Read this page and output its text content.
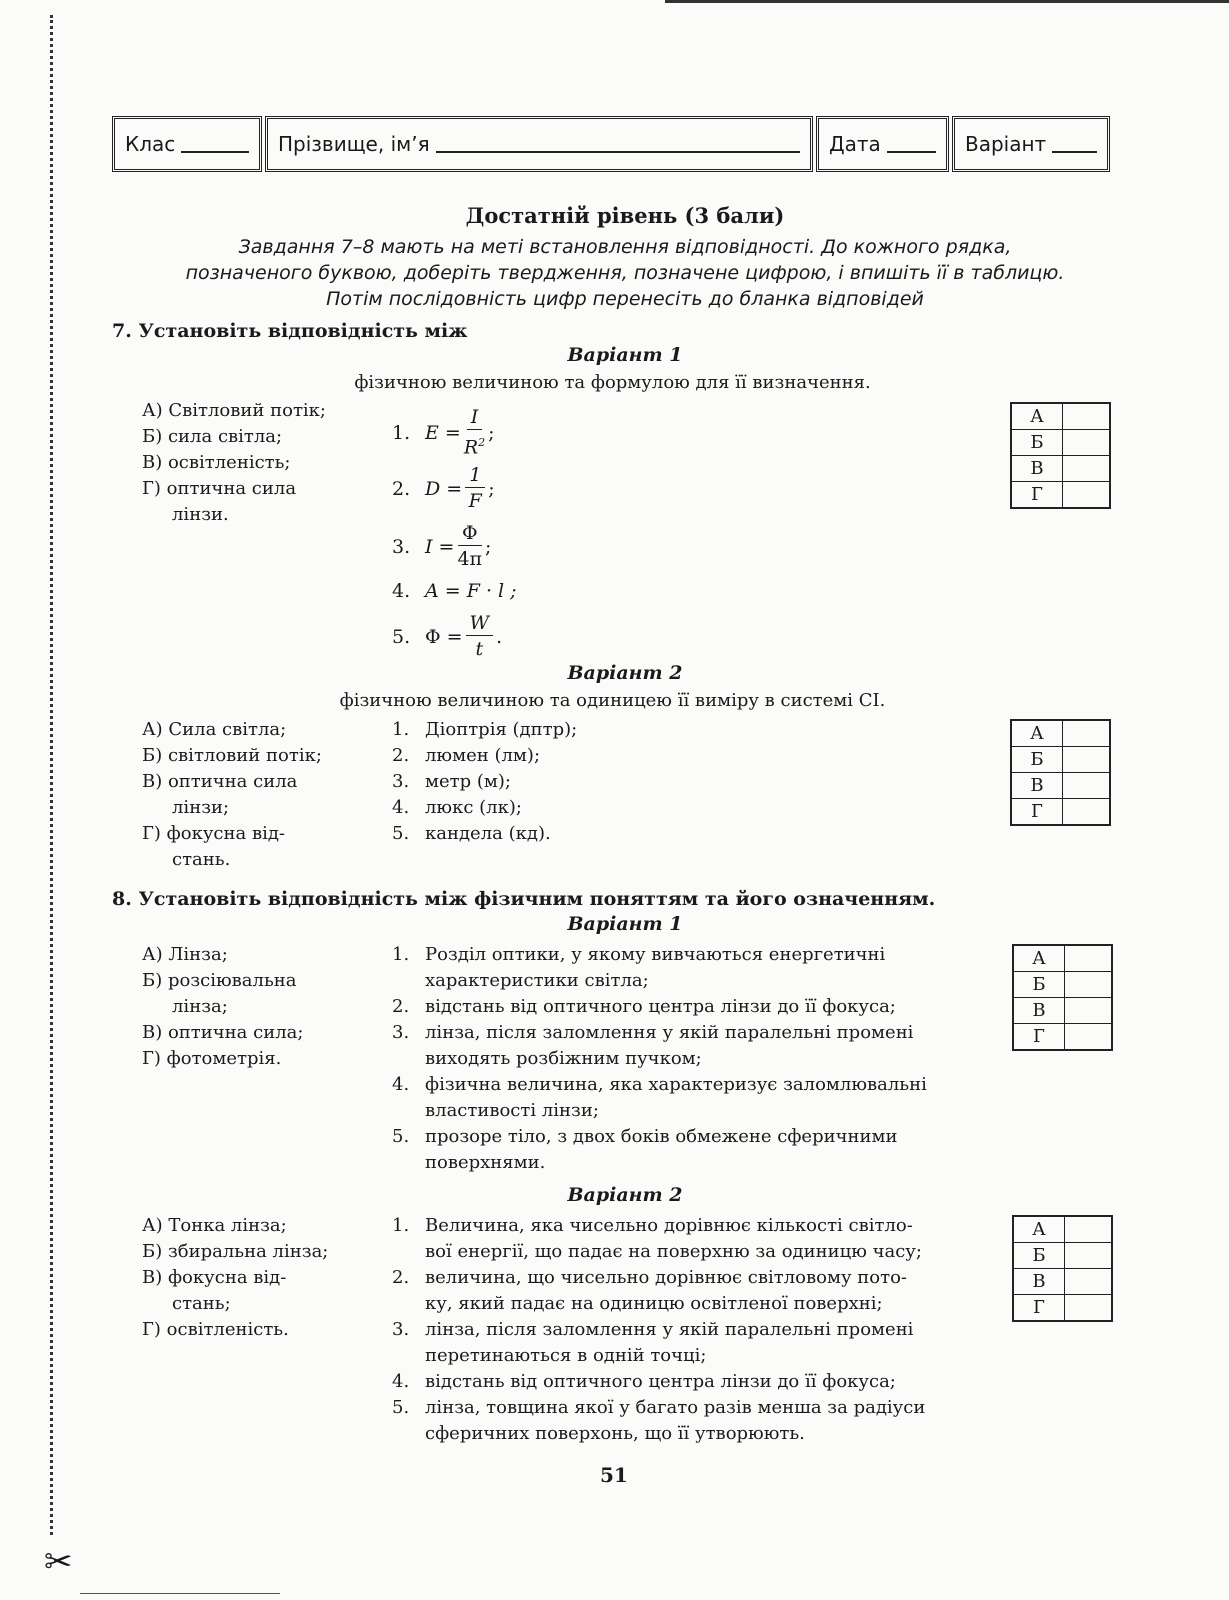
✂
Клас	Прізвище, ім’я	Дата	Варіант
Достатній рівень (3 бали)
Завдання 7–8 мають на меті встановлення відповідності. До кожного рядка,
позначеного буквою, доберіть твердження, позначене цифрою, і впишіть її в таблицю.
Потім послідовність цифр перенесіть до бланка відповідей
7. Установіть відповідність між
Варіант 1
фізичною величиною та формулою для її визначення.
А) Світловий потік;
Б) сила світла;
В) освітленість;
Г) оптична сила
лінзи.
1. $E = \frac{I}{R^2}$ ;
2. $D = \frac{1}{F}$ ;
3. $I = \frac{\Phi}{4\pi}$ ;
4. A = F · l ;
5. $\Phi = \frac{W}{t}$ .
А	
Б	
В	
Г	
Варіант 2
фізичною величиною та одиницею її виміру в системі СІ.
А) Сила світла;
Б) світловий потік;
В) оптична сила
лінзи;
Г) фокусна від-
стань.
1. Діоптрія (дптр);
2. люмен (лм);
3. метр (м);
4. люкс (лк);
5. кандела (кд).
А	
Б	
В	
Г	
8. Установіть відповідність між фізичним поняттям та його означенням.
Варіант 1
А) Лінза;
Б) розсіювальна
лінза;
В) оптична сила;
Г) фотометрія.
1. Розділ оптики, у якому вивчаються енергетичні
характеристики світла;
2. відстань від оптичного центра лінзи до її фокуса;
3. лінза, після заломлення у якій паралельні промені
виходять розбіжним пучком;
4. фізична величина, яка характеризує заломлювальні
властивості лінзи;
5. прозоре тіло, з двох боків обмежене сферичними
поверхнями.
А	
Б	
В	
Г	
Варіант 2
А) Тонка лінза;
Б) збиральна лінза;
В) фокусна від-
стань;
Г) освітленість.
1. Величина, яка чисельно дорівнює кількості світло-
вої енергії, що падає на поверхню за одиницю часу;
2. величина, що чисельно дорівнює світловому пото-
ку, який падає на одиницю освітленої поверхні;
3. лінза, після заломлення у якій паралельні промені
перетинаються в одній точці;
4. відстань від оптичного центра лінзи до її фокуса;
5. лінза, товщина якої у багато разів менша за радіуси
сферичних поверхонь, що її утворюють.
А	
Б	
В	
Г	
51
